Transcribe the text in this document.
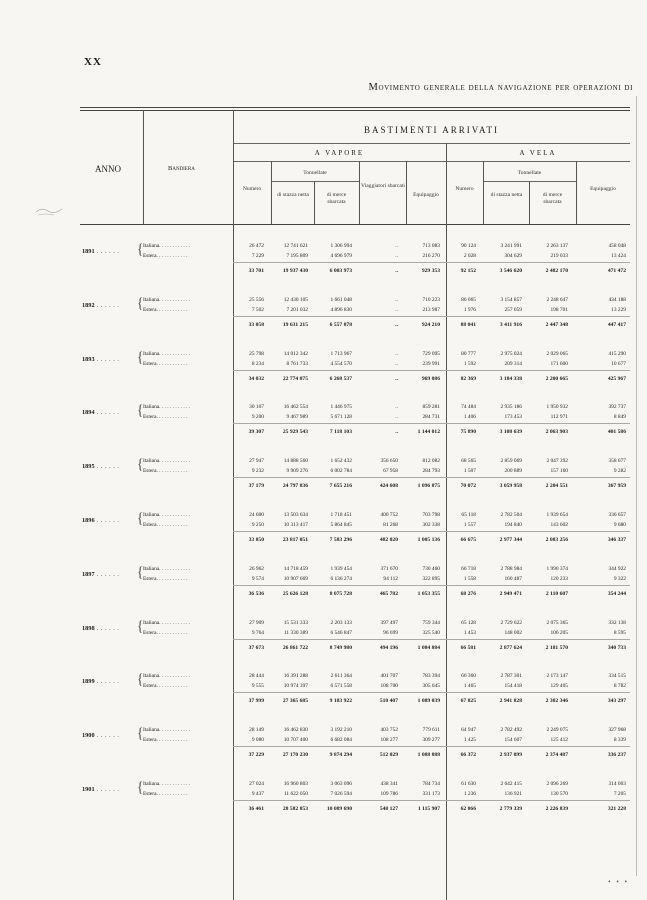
XX
Movimento generale della navigazione per operazioni di
ANNO	Bandiera
BASTIMENTI ARRIVATI
A VAPORE	A VELA
Tonnellate	Tonnellate
Numero
di stazza netta	di merce sbarcata
Viaggiatori sbarcati
Equipaggio
Numero
di stazza netta	di merce sbarcata
Equipaggio
1891 . . . . . . { Italiana. . . . . . . . . . . .	26 472	12 741 621	1 306 994	..	713 083	90 124	3 241 991	2 263 137	458 048
Estera. . . . . . . . . . . .	7 229	7 195 809	4 696 979	..	216 270	2 028	304 629	219 033	13 424
33 701	19 937 430	6 003 973	..	929 353	92 152	3 546 620	2 482 170	471 472
1892 . . . . . . { Italiana. . . . . . . . . . . .	25 556	12 430 105	1 661 048	..	710 223	86 065	3 154 857	2 248 647	434 188
Estera. . . . . . . . . . . .	7 502	7 201 032	4 896 830	..	213 987	1 976	257 059	198 701	13 229
33 058	19 631 215	6 557 878	..	924 210	88 041	3 411 916	2 447 348	447 417
1893 . . . . . . { Italiana. . . . . . . . . . . .	25 798	14 012 342	1 713 967	..	729 095	80 777	2 975 024	2 029 065	415 290
Estera. . . . . . . . . . . .	8 234	8 761 733	4 554 570	..	239 991	1 592	209 314	171 600	10 677
34 032	22 774 075	6 268 537	..	969 086	82 369	3 184 338	2 200 665	425 967
1894 . . . . . . { Italiana. . . . . . . . . . . .	30 107	16 462 554	1 446 975	..	859 281	74 484	2 935 186	1 950 932	392 737
Estera. . . . . . . . . . . .	9 200	9 467 989	5 671 128	..	284 731	1 406	173 453	112 971	8 849
39 307	25 929 543	7 118 103	..	1 144 012	75 890	3 108 639	2 063 903	401 586
1895 . . . . . . { Italiana. . . . . . . . . . . .	27 947	14 888 560	1 652 432	356 650	812 082	68 565	2 859 069	2 047 392	358 677
Estera. . . . . . . . . . . .	9 232	9 909 276	6 002 784	67 958	284 793	1 507	200 889	157 160	9 282
37 179	24 797 836	7 655 216	424 608	1 096 875	70 072	3 059 958	2 204 551	367 959
1896 . . . . . . { Italiana. . . . . . . . . . . .	24 600	13 503 634	1 718 451	400 752	703 798	65 118	2 782 504	1 939 654	336 657
Estera. . . . . . . . . . . .	9 250	10 313 417	5 864 845	81 268	302 338	1 557	194 840	143 602	9 680
33 850	23 817 051	7 583 296	482 020	1 005 136	66 675	2 977 344	2 083 256	346 337
1897 . . . . . . { Italiana. . . . . . . . . . . .	26 962	14 718 459	1 939 454	371 670	730 460	66 718	2 788 984	1 990 374	344 922
Estera. . . . . . . . . . . .	9 574	10 907 669	6 136 274	94 112	322 895	1 558	160 487	120 233	9 322
36 536	25 626 128	8 075 728	465 782	1 053 355	68 276	2 949 471	2 110 607	354 244
1898 . . . . . . { Italiana. . . . . . . . . . . .	27 909	15 531 333	2 203 133	397 497	759 344	65 128	2 729 622	2 075 365	332 138
Estera. . . . . . . . . . . .	9 764	11 330 389	6 546 847	96 699	325 540	1 453	148 002	106 205	8 595
37 673	26 861 722	8 749 980	494 196	1 084 884	66 581	2 877 624	2 181 570	340 733
1899 . . . . . . { Italiana. . . . . . . . . . . .	28 444	16 391 288	2 611 364	401 707	783 394	66 360	2 787 301	2 173 147	334 515
Estera. . . . . . . . . . . .	9 555	10 974 397	6 571 558	108 700	305 645	1 465	154 418	129 405	8 782
37 999	27 365 685	9 183 922	510 407	1 089 039	67 825	2 941 828	2 302 346	343 297
1900 . . . . . . { Italiana. . . . . . . . . . . .	28 149	16 462 830	3 192 210	403 752	779 611	64 947	2 782 492	2 249 075	327 968
Estera. . . . . . . . . . . .	9 080	10 707 400	6 682 084	108 277	309 277	1 425	154 607	125 412	8 339
37 229	27 170 230	9 874 294	512 029	1 088 888	66 372	2 937 099	2 374 487	336 237
1901 . . . . . . { Italiana. . . . . . . . . . . .	27 024	16 960 803	3 063 096	438 341	784 734	61 630	2 642 415	2 096 269	314 003
Estera. . . . . . . . . . . .	9 437	11 622 050	7 026 594	109 786	331 173	1 236	136 921	130 570	7 205
36 461	28 582 853	10 089 690	548 127	1 115 907	62 866	2 779 339	2 226 839	321 228
• • •
